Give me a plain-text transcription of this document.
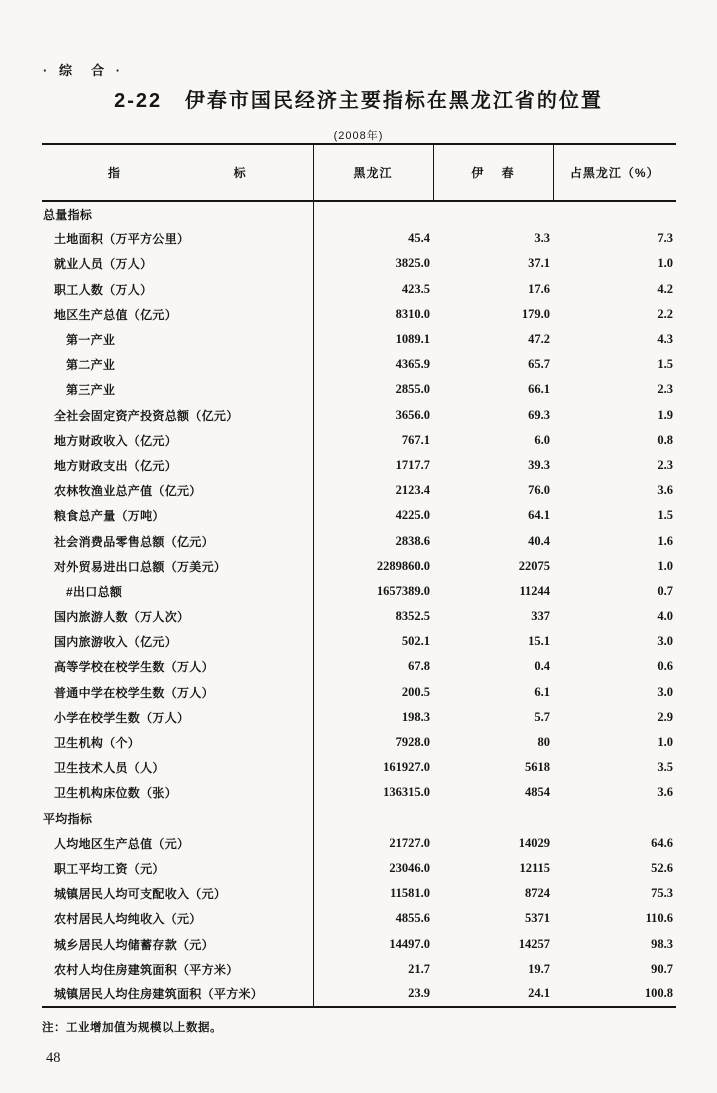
· 综  合 ·
2-22   伊春市国民经济主要指标在黑龙江省的位置
(2008年)
指                          标	黑龙江	伊    春	占黑龙江（%）
总量指标			
土地面积（万平方公里）	45.4	3.3	7.3
就业人员（万人）	3825.0	37.1	1.0
职工人数（万人）	423.5	17.6	4.2
地区生产总值（亿元）	8310.0	179.0	2.2
第一产业	1089.1	47.2	4.3
第二产业	4365.9	65.7	1.5
第三产业	2855.0	66.1	2.3
全社会固定资产投资总额（亿元）	3656.0	69.3	1.9
地方财政收入（亿元）	767.1	6.0	0.8
地方财政支出（亿元）	1717.7	39.3	2.3
农林牧渔业总产值（亿元）	2123.4	76.0	3.6
粮食总产量（万吨）	4225.0	64.1	1.5
社会消费品零售总额（亿元）	2838.6	40.4	1.6
对外贸易进出口总额（万美元）	2289860.0	22075	1.0
#出口总额	1657389.0	11244	0.7
国内旅游人数（万人次）	8352.5	337	4.0
国内旅游收入（亿元）	502.1	15.1	3.0
高等学校在校学生数（万人）	67.8	0.4	0.6
普通中学在校学生数（万人）	200.5	6.1	3.0
小学在校学生数（万人）	198.3	5.7	2.9
卫生机构（个）	7928.0	80	1.0
卫生技术人员（人）	161927.0	5618	3.5
卫生机构床位数（张）	136315.0	4854	3.6
平均指标			
人均地区生产总值（元）	21727.0	14029	64.6
职工平均工资（元）	23046.0	12115	52.6
城镇居民人均可支配收入（元）	11581.0	8724	75.3
农村居民人均纯收入（元）	4855.6	5371	110.6
城乡居民人均储蓄存款（元）	14497.0	14257	98.3
农村人均住房建筑面积（平方米）	21.7	19.7	90.7
城镇居民人均住房建筑面积（平方米）	23.9	24.1	100.8
注：工业增加值为规模以上数据。
48
